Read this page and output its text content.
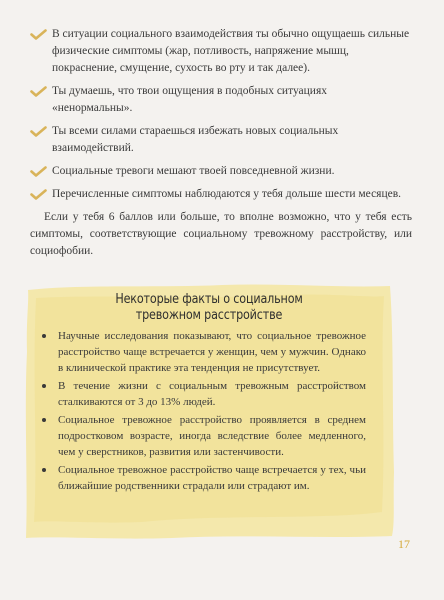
В ситуации социального взаимодействия ты обычно ощущаешь сильные физические симптомы (жар, потливость, напряжение мышц, покраснение, смущение, сухость во рту и так далее).
Ты думаешь, что твои ощущения в подобных ситуациях «ненормальны».
Ты всеми силами стараешься избежать новых социальных взаимодействий.
Социальные тревоги мешают твоей повседневной жизни.
Перечисленные симптомы наблюдаются у тебя дольше шести месяцев.

Если у тебя 6 баллов или больше, то вполне возможно, что у тебя есть симптомы, соответствующие социальному тревожному расстройству, или социофобии.

Некоторые факты о социальном
тревожном расстройстве
Научные исследования показывают, что социальное тревожное расстройство чаще встречается у женщин, чем у мужчин. Однако в клинической практике эта тенденция не присутствует.
В течение жизни с социальным тревожным расстройством сталкиваются от 3 до 13% людей.
Социальное тревожное расстройство проявляется в среднем подростковом возрасте, иногда вследствие более медленного, чем у сверстников, развития или застенчивости.
Социальное тревожное расстройство чаще встречается у тех, чьи ближайшие родственники страдали или страдают им.
17
